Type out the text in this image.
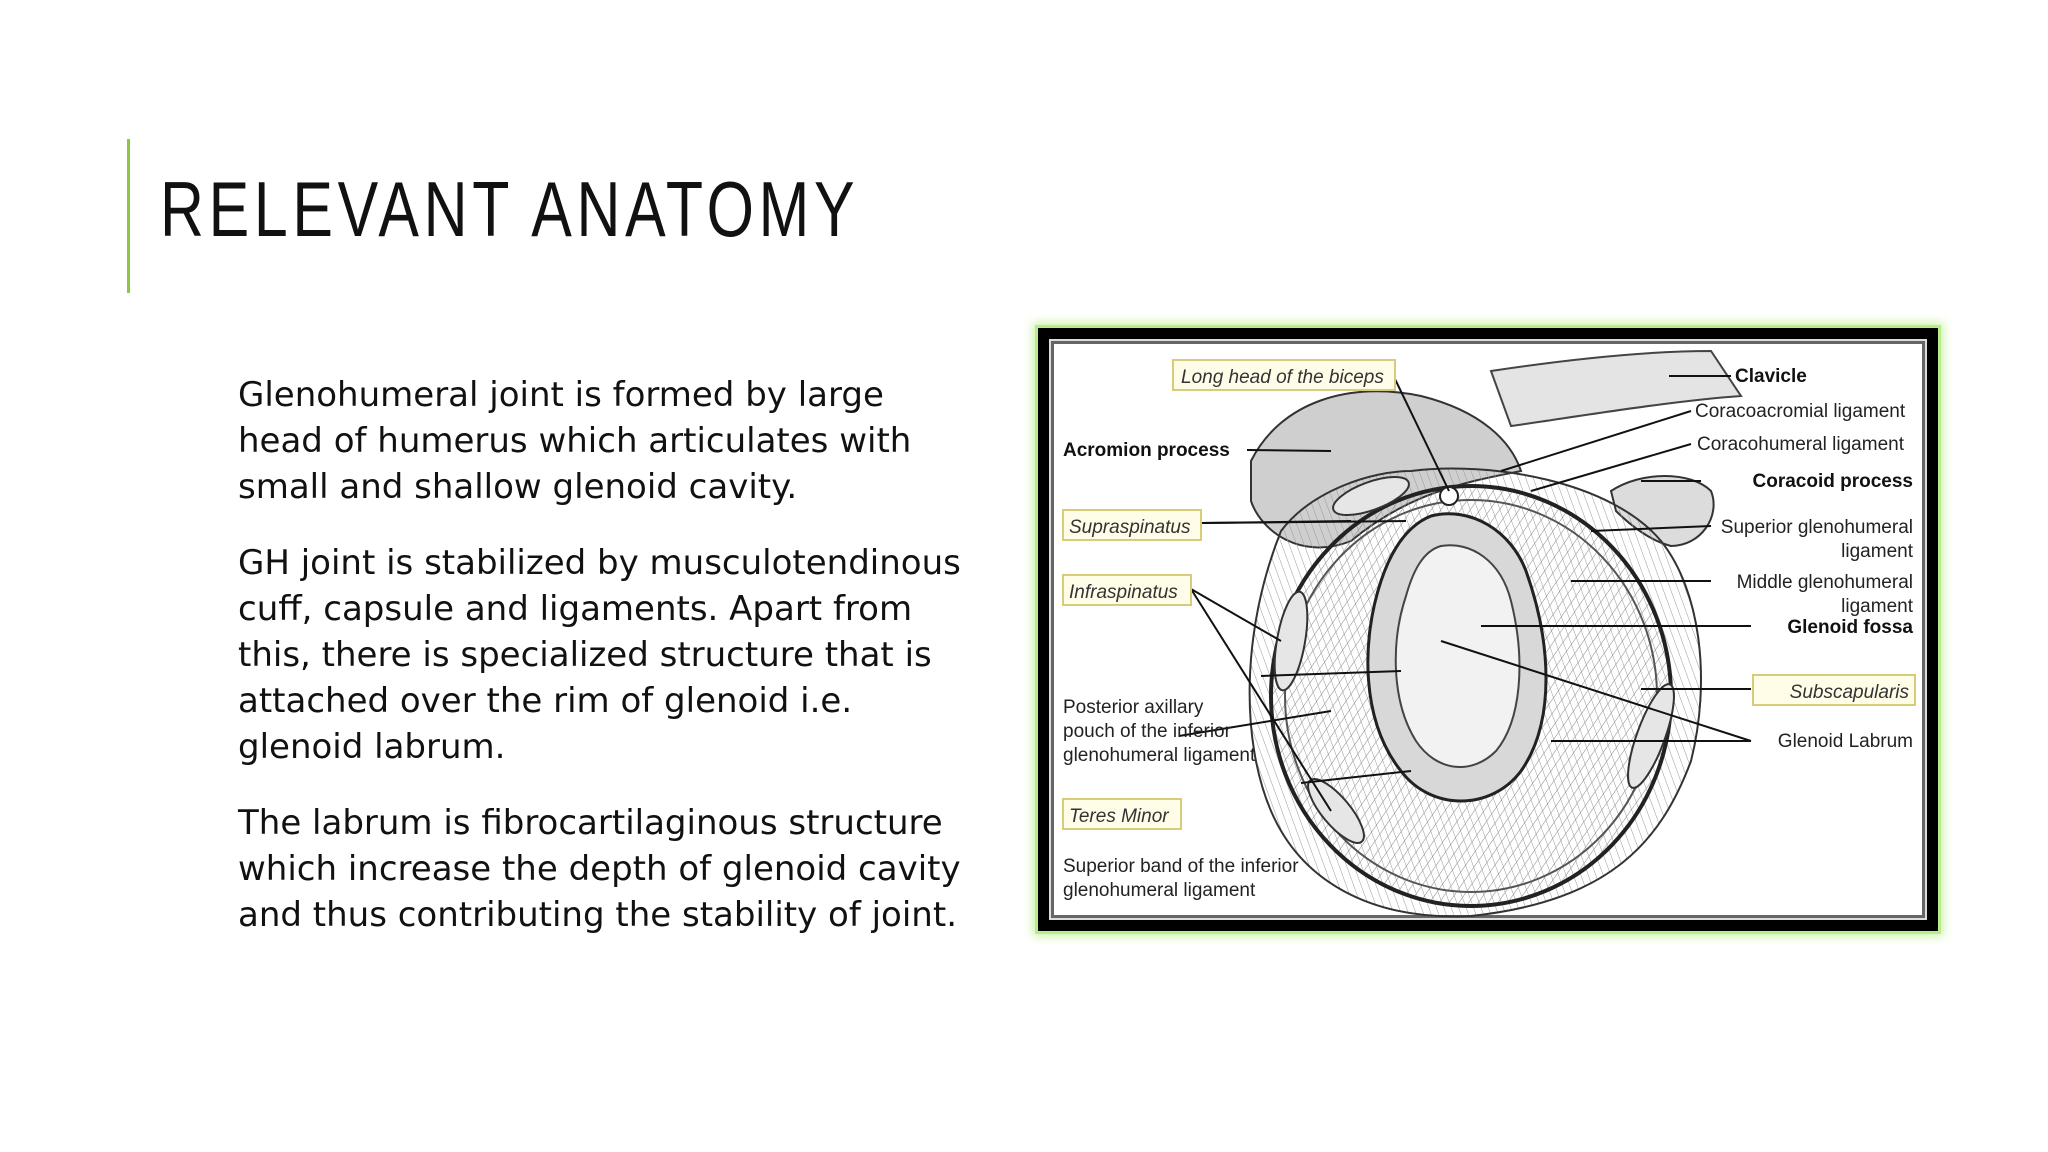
RELEVANT ANATOMY

Glenohumeral joint is formed by large head of humerus which articulates with small and shallow glenoid cavity.

GH joint is stabilized by musculotendinous cuff, capsule and ligaments. Apart from this, there is specialized structure that is attached over the rim of glenoid i.e. glenoid labrum.

The labrum is fibrocartilaginous structure which increase the depth of glenoid cavity and thus contributing the stability of joint.

Long head of the biceps
Acromion process
Supraspinatus
Infraspinatus
Posterior axillary
pouch of the inferior
glenohumeral ligament
Teres Minor
Superior band of the inferior
glenohumeral ligament
Clavicle
Coracoacromial ligament
Coracohumeral ligament
Coracoid process
Superior glenohumeral
ligament
Middle glenohumeral
ligament
Glenoid fossa
Subscapularis
Glenoid Labrum
